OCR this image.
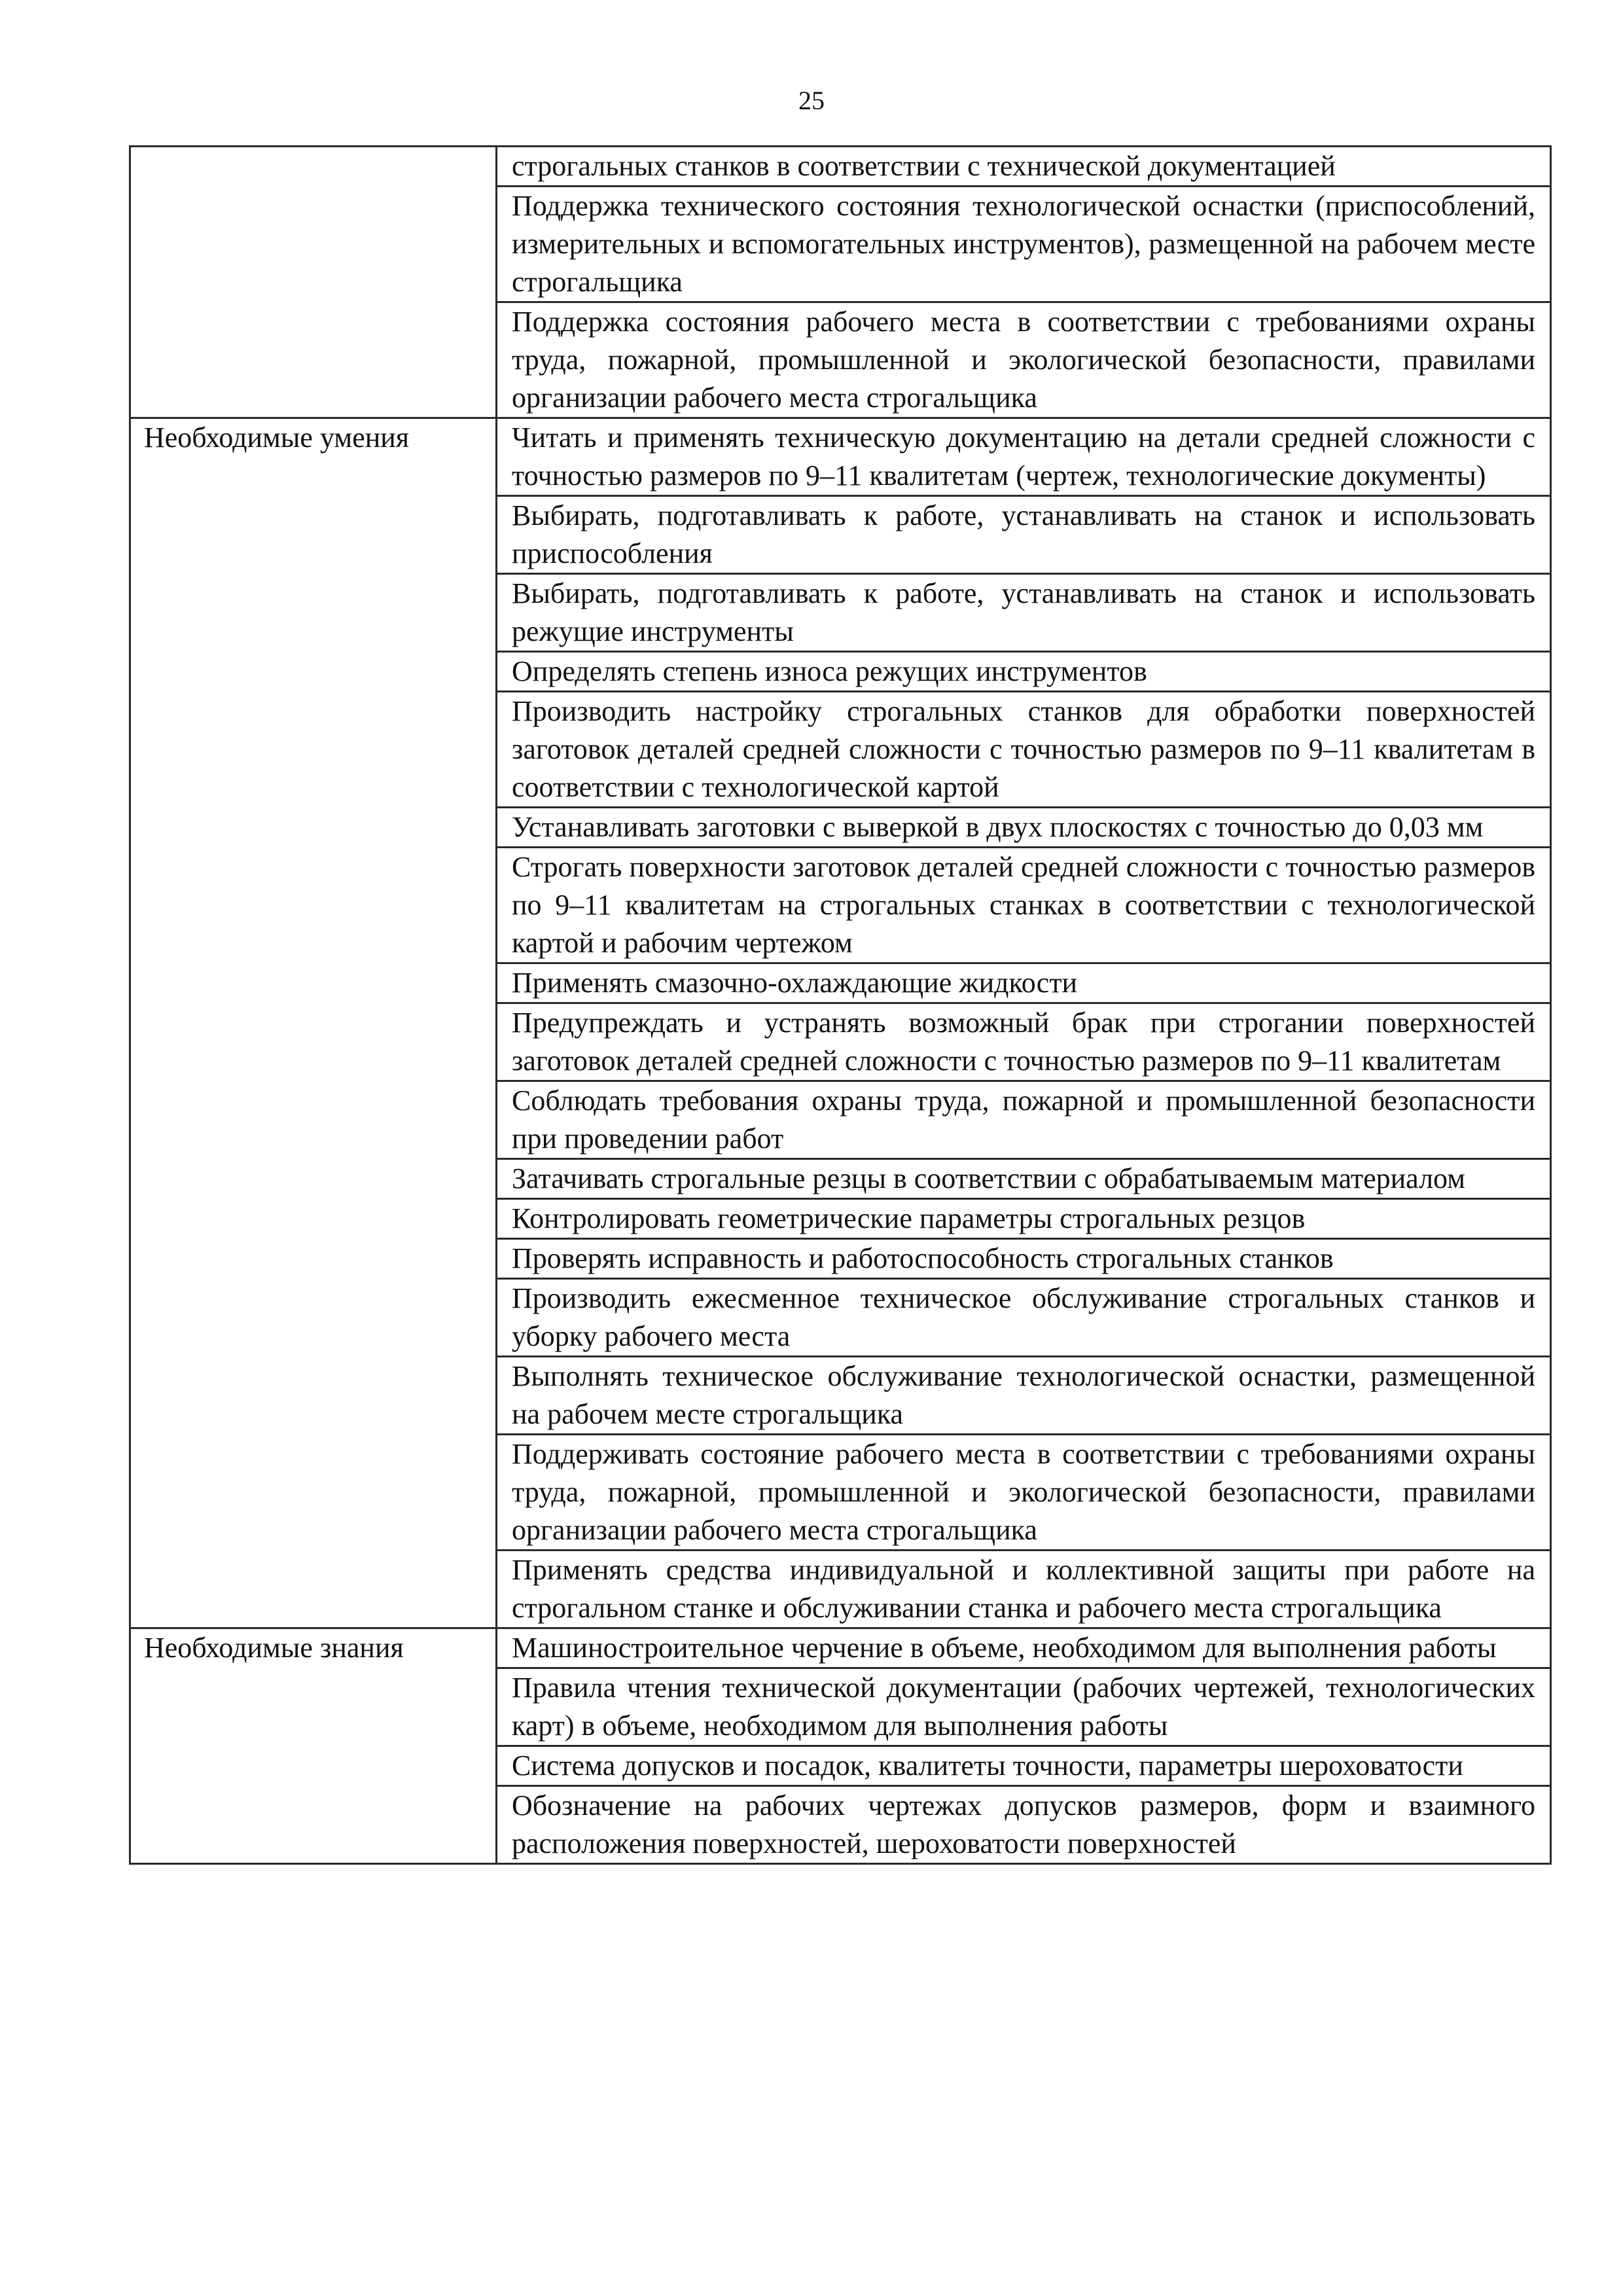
25
	строгальных станков в соответствии с технической документацией
	Поддержка технического состояния технологической оснастки (приспособлений, измерительных и вспомогательных инструментов), размещенной на рабочем месте строгальщика
	Поддержка состояния рабочего места в соответствии с требованиями охраны труда, пожарной, промышленной и экологической безопасности, правилами организации рабочего места строгальщика
Необходимые умения	Читать и применять техническую документацию на детали средней сложности с точностью размеров по 9–11 квалитетам (чертеж, технологические документы)
	Выбирать, подготавливать к работе, устанавливать на станок и использовать приспособления
	Выбирать, подготавливать к работе, устанавливать на станок и использовать режущие инструменты
	Определять степень износа режущих инструментов
	Производить настройку строгальных станков для обработки поверхностей заготовок деталей средней сложности с точностью размеров по 9–11 квалитетам в соответствии с технологической картой
	Устанавливать заготовки с выверкой в двух плоскостях с точностью до 0,03 мм
	Строгать поверхности заготовок деталей средней сложности с точностью размеров по 9–11 квалитетам на строгальных станках в соответствии с технологической картой и рабочим чертежом
	Применять смазочно-охлаждающие жидкости
	Предупреждать и устранять возможный брак при строгании поверхностей заготовок деталей средней сложности с точностью размеров по 9–11 квалитетам
	Соблюдать требования охраны труда, пожарной и промышленной безопасности при проведении работ
	Затачивать строгальные резцы в соответствии с обрабатываемым материалом
	Контролировать геометрические параметры строгальных резцов
	Проверять исправность и работоспособность строгальных станков
	Производить ежесменное техническое обслуживание строгальных станков и уборку рабочего места
	Выполнять техническое обслуживание технологической оснастки, размещенной на рабочем месте строгальщика
	Поддерживать состояние рабочего места в соответствии с требованиями охраны труда, пожарной, промышленной и экологической безопасности, правилами организации рабочего места строгальщика
	Применять средства индивидуальной и коллективной защиты при работе на строгальном станке и обслуживании станка и рабочего места строгальщика
Необходимые знания	Машиностроительное черчение в объеме, необходимом для выполнения работы
	Правила чтения технической документации (рабочих чертежей, технологических карт) в объеме, необходимом для выполнения работы
	Система допусков и посадок, квалитеты точности, параметры шероховатости
	Обозначение на рабочих чертежах допусков размеров, форм и взаимного расположения поверхностей, шероховатости поверхностей
